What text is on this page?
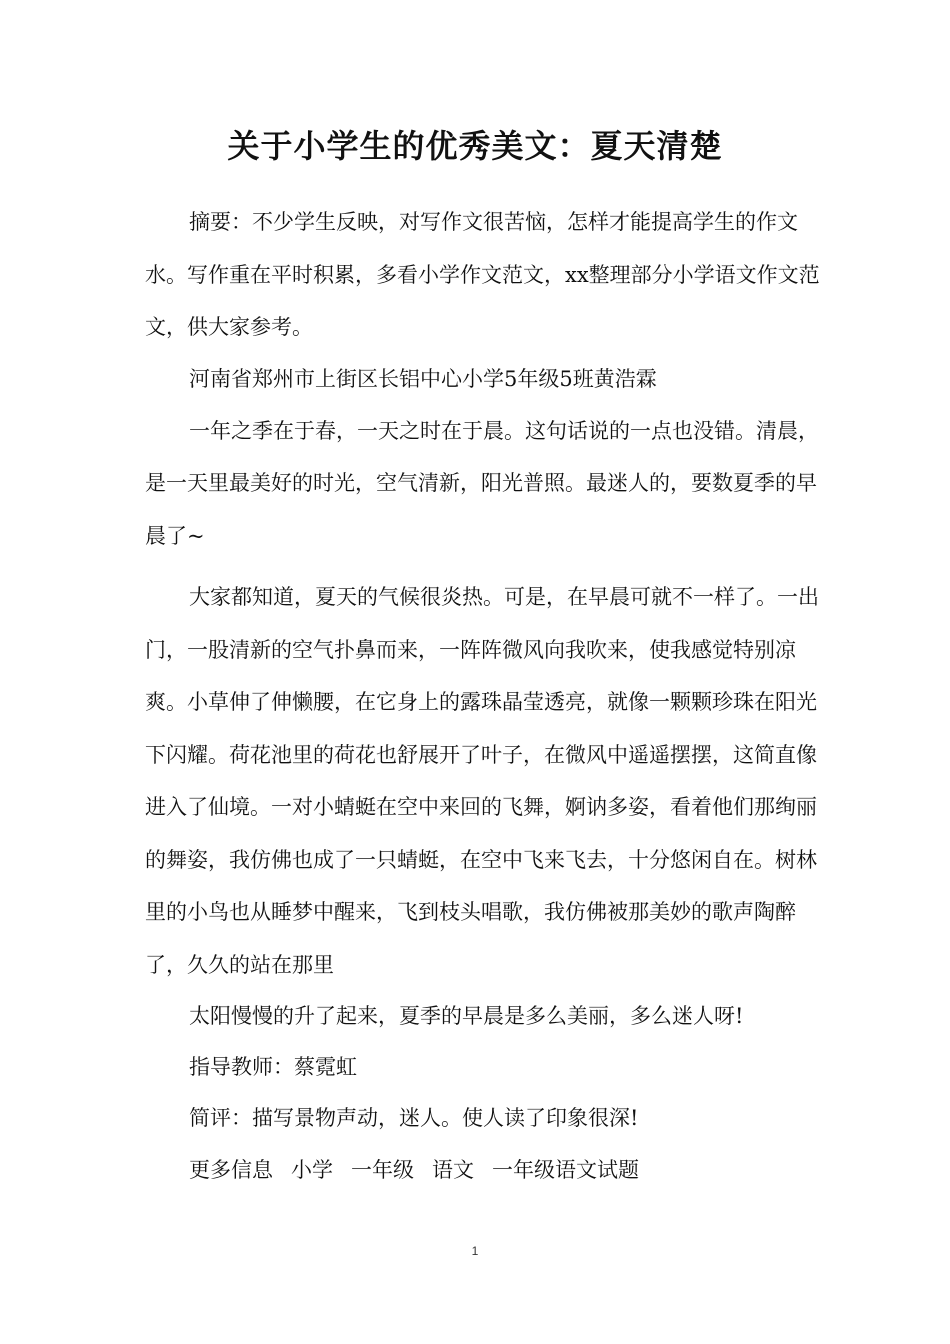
关于小学生的优秀美文：夏天清楚

摘要：不少学生反映，对写作文很苦恼，怎样才能提高学生的作文水。写作重在平时积累，多看小学作文范文，xx整理部分小学语文作文范文，供大家参考。

河南省郑州市上街区长铝中心小学5年级5班黄浩霖

一年之季在于春，一天之时在于晨。这句话说的一点也没错。清晨，是一天里最美好的时光，空气清新，阳光普照。最迷人的，要数夏季的早晨了~

大家都知道，夏天的气候很炎热。可是，在早晨可就不一样了。一出门，一股清新的空气扑鼻而来，一阵阵微风向我吹来，使我感觉特别凉爽。小草伸了伸懒腰，在它身上的露珠晶莹透亮，就像一颗颗珍珠在阳光下闪耀。荷花池里的荷花也舒展开了叶子，在微风中遥遥摆摆，这简直像进入了仙境。一对小蜻蜓在空中来回的飞舞，婀讷多姿，看着他们那绚丽的舞姿，我仿佛也成了一只蜻蜓，在空中飞来飞去，十分悠闲自在。树林里的小鸟也从睡梦中醒来，飞到枝头唱歌，我仿佛被那美妙的歌声陶醉了，久久的站在那里

太阳慢慢的升了起来，夏季的早晨是多么美丽，多么迷人呀!

指导教师：蔡霓虹

简评：描写景物声动，迷人。使人读了印象很深!

更多信息 小学 一年级 语文 一年级语文试题

1
